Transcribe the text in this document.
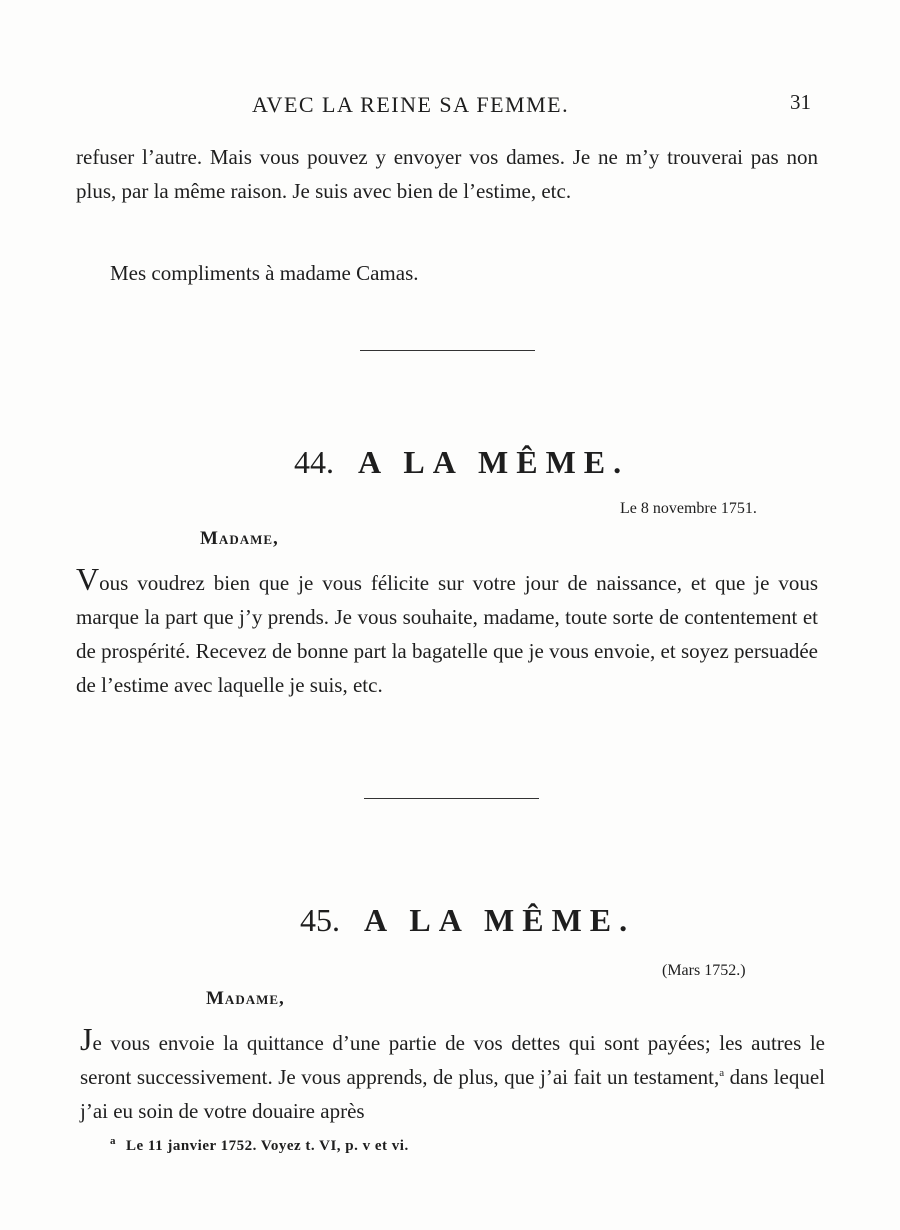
AVEC LA REINE SA FEMME.	31

refuser l’autre. Mais vous pouvez y envoyer vos dames. Je ne m’y trouverai pas non plus, par la même raison. Je suis avec bien de l’estime, etc.

Mes compliments à madame Camas.

44. A LA MÊME.
Le 8 novembre 1751.
Madame,

Vous voudrez bien que je vous félicite sur votre jour de naissance, et que je vous marque la part que j’y prends. Je vous souhaite, madame, toute sorte de contentement et de prospérité. Recevez de bonne part la bagatelle que je vous envoie, et soyez persuadée de l’estime avec laquelle je suis, etc.

45. A LA MÊME.
(Mars 1752.)
Madame,

Je vous envoie la quittance d’une partie de vos dettes qui sont payées; les autres le seront successivement. Je vous apprends, de plus, que j’ai fait un testament,$^a$ dans lequel j’ai eu soin de votre douaire après

$^a$ Le 11 janvier 1752. Voyez t. VI, p. v et vi.
